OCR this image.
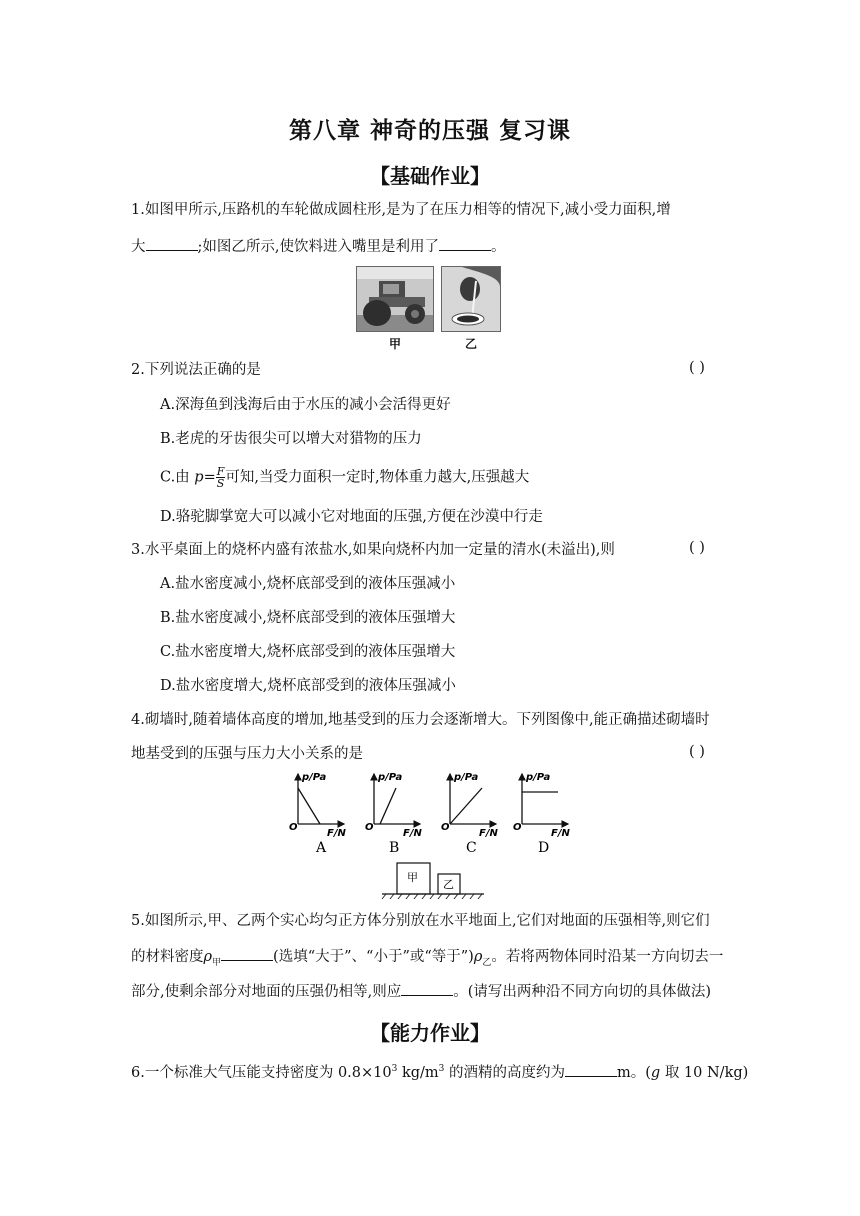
第八章 神奇的压强 复习课
【基础作业】
1.如图甲所示,压路机的车轮做成圆柱形,是为了在压力相等的情况下,减小受力面积,增
大	;如图乙所示,使饮料进入嘴里是利用了	。
甲	乙
2.下列说法正确的是	( )
A.深海鱼到浅海后由于水压的减小会活得更好
B.老虎的牙齿很尖可以增大对猎物的压力
C.由 $p= \frac{F}{S}$ 可知,当受力面积一定时,物体重力越大,压强越大
D.骆驼脚掌宽大可以减小它对地面的压强,方便在沙漠中行走
3.水平桌面上的烧杯内盛有浓盐水,如果向烧杯内加一定量的清水(未溢出),则	( )
A.盐水密度减小,烧杯底部受到的液体压强减小
B.盐水密度减小,烧杯底部受到的液体压强增大
C.盐水密度增大,烧杯底部受到的液体压强增大
D.盐水密度增大,烧杯底部受到的液体压强减小
4.砌墙时,随着墙体高度的增加,地基受到的压力会逐渐增大。下列图像中,能正确描述砌墙时
地基受到的压强与压力大小关系的是	( )
p/Pa
O
F/N
A
p/Pa
O
F/N
B
p/Pa
O
F/N
C
p/Pa
O
F/N
D
甲
乙
5.如图所示,甲、乙两个实心均匀正方体分别放在水平地面上,它们对地面的压强相等,则它们
的材料密度$\rho_甲$	(选填“大于”、“小于”或“等于$”)\rho_乙$。若将两物体同时沿某一方向切去一
部分,使剩余部分对地面的压强仍相等,则应	。(请写出两种沿不同方向切的具体做法)
【能力作业】
6.一个标准大气压能支持密度为 $0.8\times 10^3$ $kg/m^3$ 的酒精的高度约为	m。(g 取 10 N/kg)
